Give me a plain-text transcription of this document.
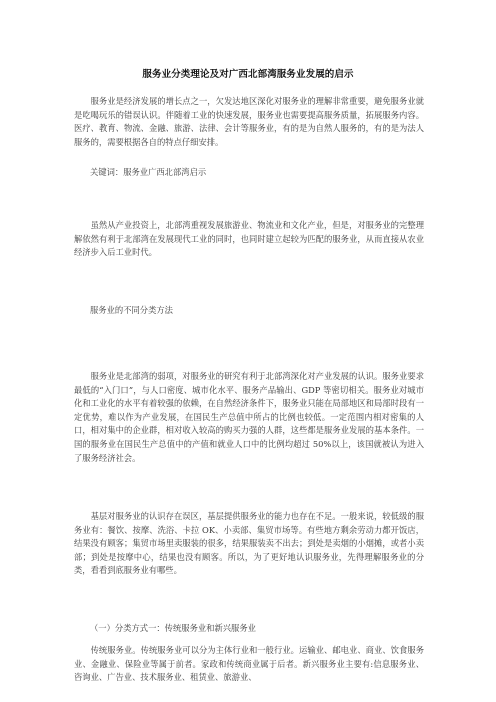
服务业分类理论及对广西北部湾服务业发展的启示

服务业是经济发展的增长点之一，欠发达地区深化对服务业的理解非常重要，避免服务业就是吃喝玩乐的错误认识。伴随着工业的快速发展，服务业也需要提高服务质量，拓展服务内容。医疗、教育、物流、金融、旅游、法律、会计等服务业，有的是为自然人服务的，有的是为法人服务的，需要根据各自的特点仔细安排。

关键词：服务业广西北部湾启示

虽然从产业投资上，北部湾重视发展旅游业、物流业和文化产业，但是，对服务业的完整理解依然有利于北部湾在发展现代工业的同时，也同时建立起较为匹配的服务业，从而直接从农业经济步入后工业时代。

服务业的不同分类方法

服务业是北部湾的弱项，对服务业的研究有利于北部湾深化对产业发展的认识。服务业要求最低的“入门口”，与人口密度、城市化水平、服务产品输出、GDP 等密切相关。服务业对城市化和工业化的水平有着较强的依赖，在自然经济条件下，服务业只能在局部地区和局部时段有一定优势，难以作为产业发展，在国民生产总值中所占的比例也较低。一定范围内相对密集的人口，相对集中的企业群，相对收入较高的购买力强的人群，这些都是服务业发展的基本条件。一国的服务业在国民生产总值中的产值和就业人口中的比例均超过 50%以上，该国就被认为进入了服务经济社会。

基层对服务业的认识存在误区，基层提供服务业的能力也存在不足。一般来说，较低级的服务业有：餐饮、按摩、洗浴、卡拉 OK、小卖部、集贸市场等。有些地方剩余劳动力都开饭店，结果没有顾客；集贸市场里卖服装的很多，结果服装卖不出去；到处是卖烟的小烟摊，或者小卖部；到处是按摩中心，结果也没有顾客。所以，为了更好地认识服务业，先得理解服务业的分类，看看到底服务业有哪些。

（一）分类方式一：传统服务业和新兴服务业

传统服务业。传统服务业可以分为主体行业和一般行业。运输业、邮电业、商业、饮食服务业、金融业、保险业等属于前者。家政和传统商业属于后者。新兴服务业主要有:信息服务业、咨询业、广告业、技术服务业、租赁业、旅游业、
